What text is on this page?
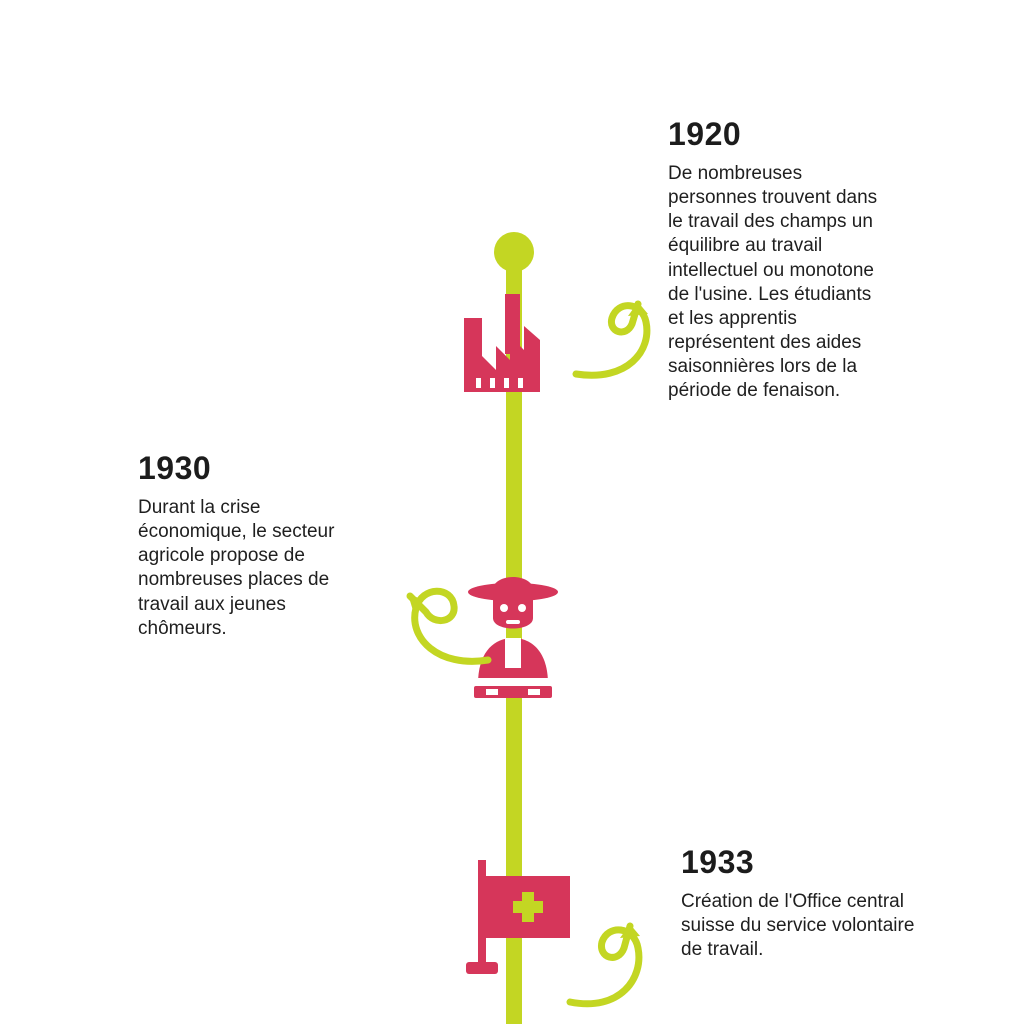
1920

De nombreuses personnes trouvent dans le travail des champs un équilibre au travail intellectuel ou monotone de l'usine. Les étudiants et les apprentis représentent des aides saisonnières lors de la période de fenaison.

1930

Durant la crise économique, le secteur agricole propose de nombreuses places de travail aux jeunes chômeurs.

1933

Création de l'Office central suisse du service volontaire de travail.
